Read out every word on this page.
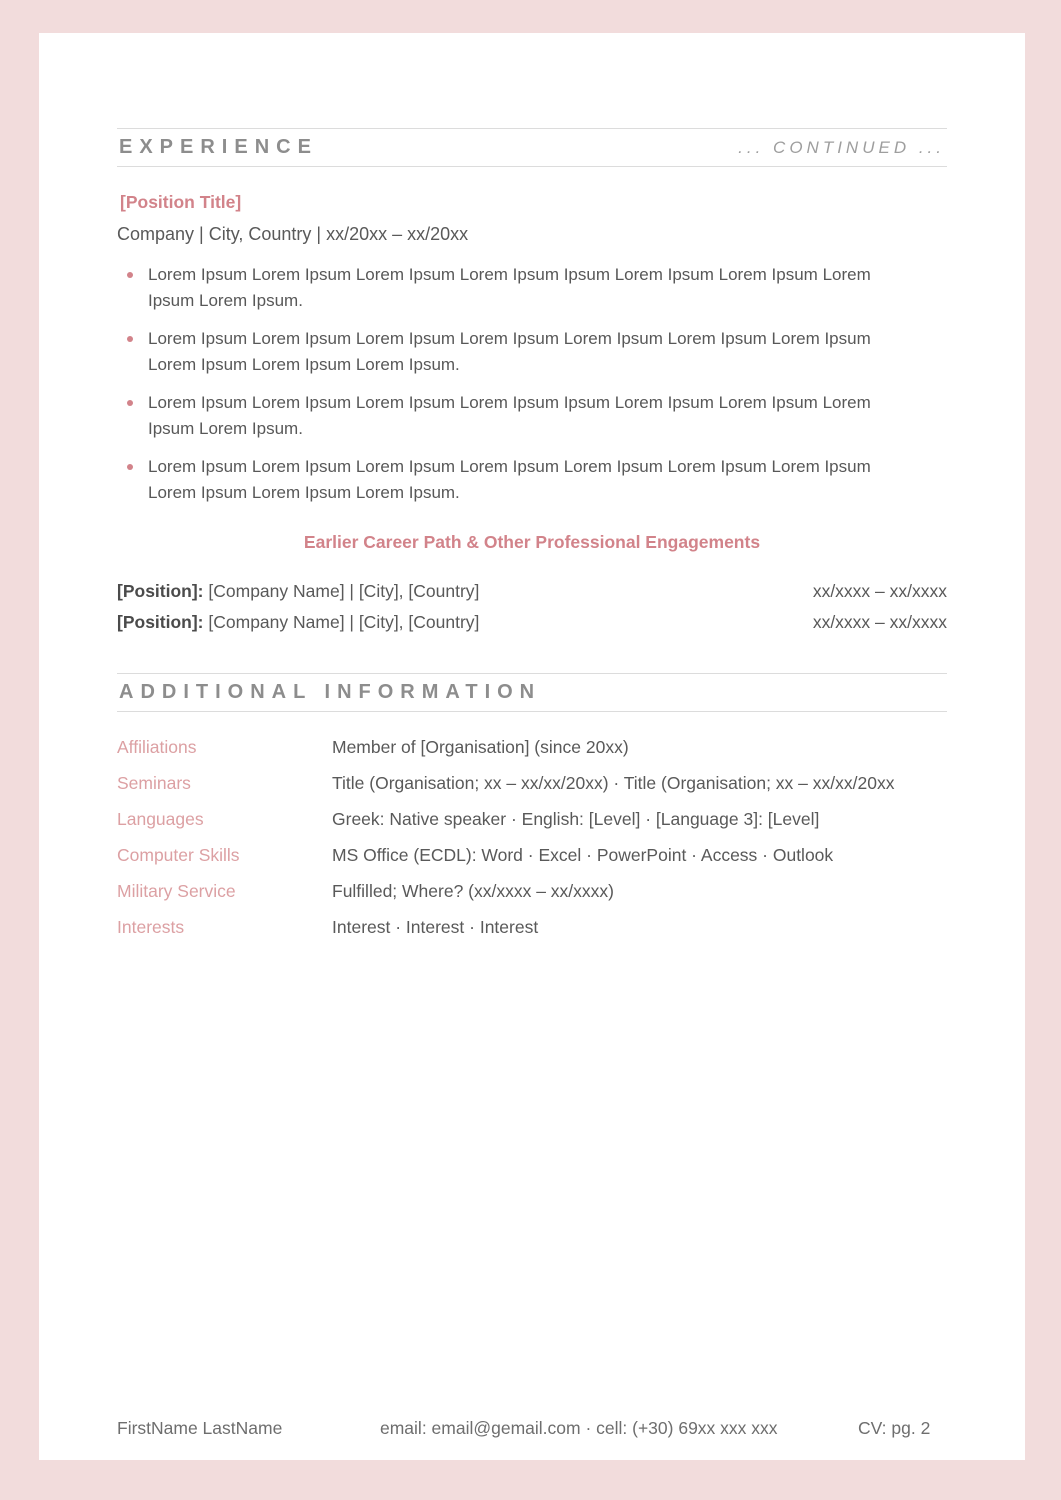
EXPERIENCE	... CONTINUED ...
[Position Title]
Company | City, Country | xx/20xx – xx/20xx
Lorem Ipsum Lorem Ipsum Lorem Ipsum Lorem Ipsum Ipsum Lorem Ipsum Lorem Ipsum Lorem Ipsum Lorem Ipsum.
Lorem Ipsum Lorem Ipsum Lorem Ipsum Lorem Ipsum Lorem Ipsum Lorem Ipsum Lorem Ipsum Lorem Ipsum Lorem Ipsum Lorem Ipsum.
Lorem Ipsum Lorem Ipsum Lorem Ipsum Lorem Ipsum Ipsum Lorem Ipsum Lorem Ipsum Lorem Ipsum Lorem Ipsum.
Lorem Ipsum Lorem Ipsum Lorem Ipsum Lorem Ipsum Lorem Ipsum Lorem Ipsum Lorem Ipsum Lorem Ipsum Lorem Ipsum Lorem Ipsum.
Earlier Career Path & Other Professional Engagements
[Position]: [Company Name] | [City], [Country]	xx/xxxx – xx/xxxx
[Position]: [Company Name] | [City], [Country]	xx/xxxx – xx/xxxx
ADDITIONAL INFORMATION
Affiliations	Member of [Organisation] (since 20xx)
Seminars	Title (Organisation; xx – xx/xx/20xx) · Title (Organisation; xx – xx/xx/20xx
Languages	Greek: Native speaker · English: [Level] · [Language 3]: [Level]
Computer Skills	MS Office (ECDL): Word · Excel · PowerPoint · Access · Outlook
Military Service	Fulfilled; Where? (xx/xxxx – xx/xxxx)
Interests	Interest · Interest · Interest
FirstName LastName	email: email@gemail.com · cell: (+30) 69xx xxx xxx	CV: pg. 2
